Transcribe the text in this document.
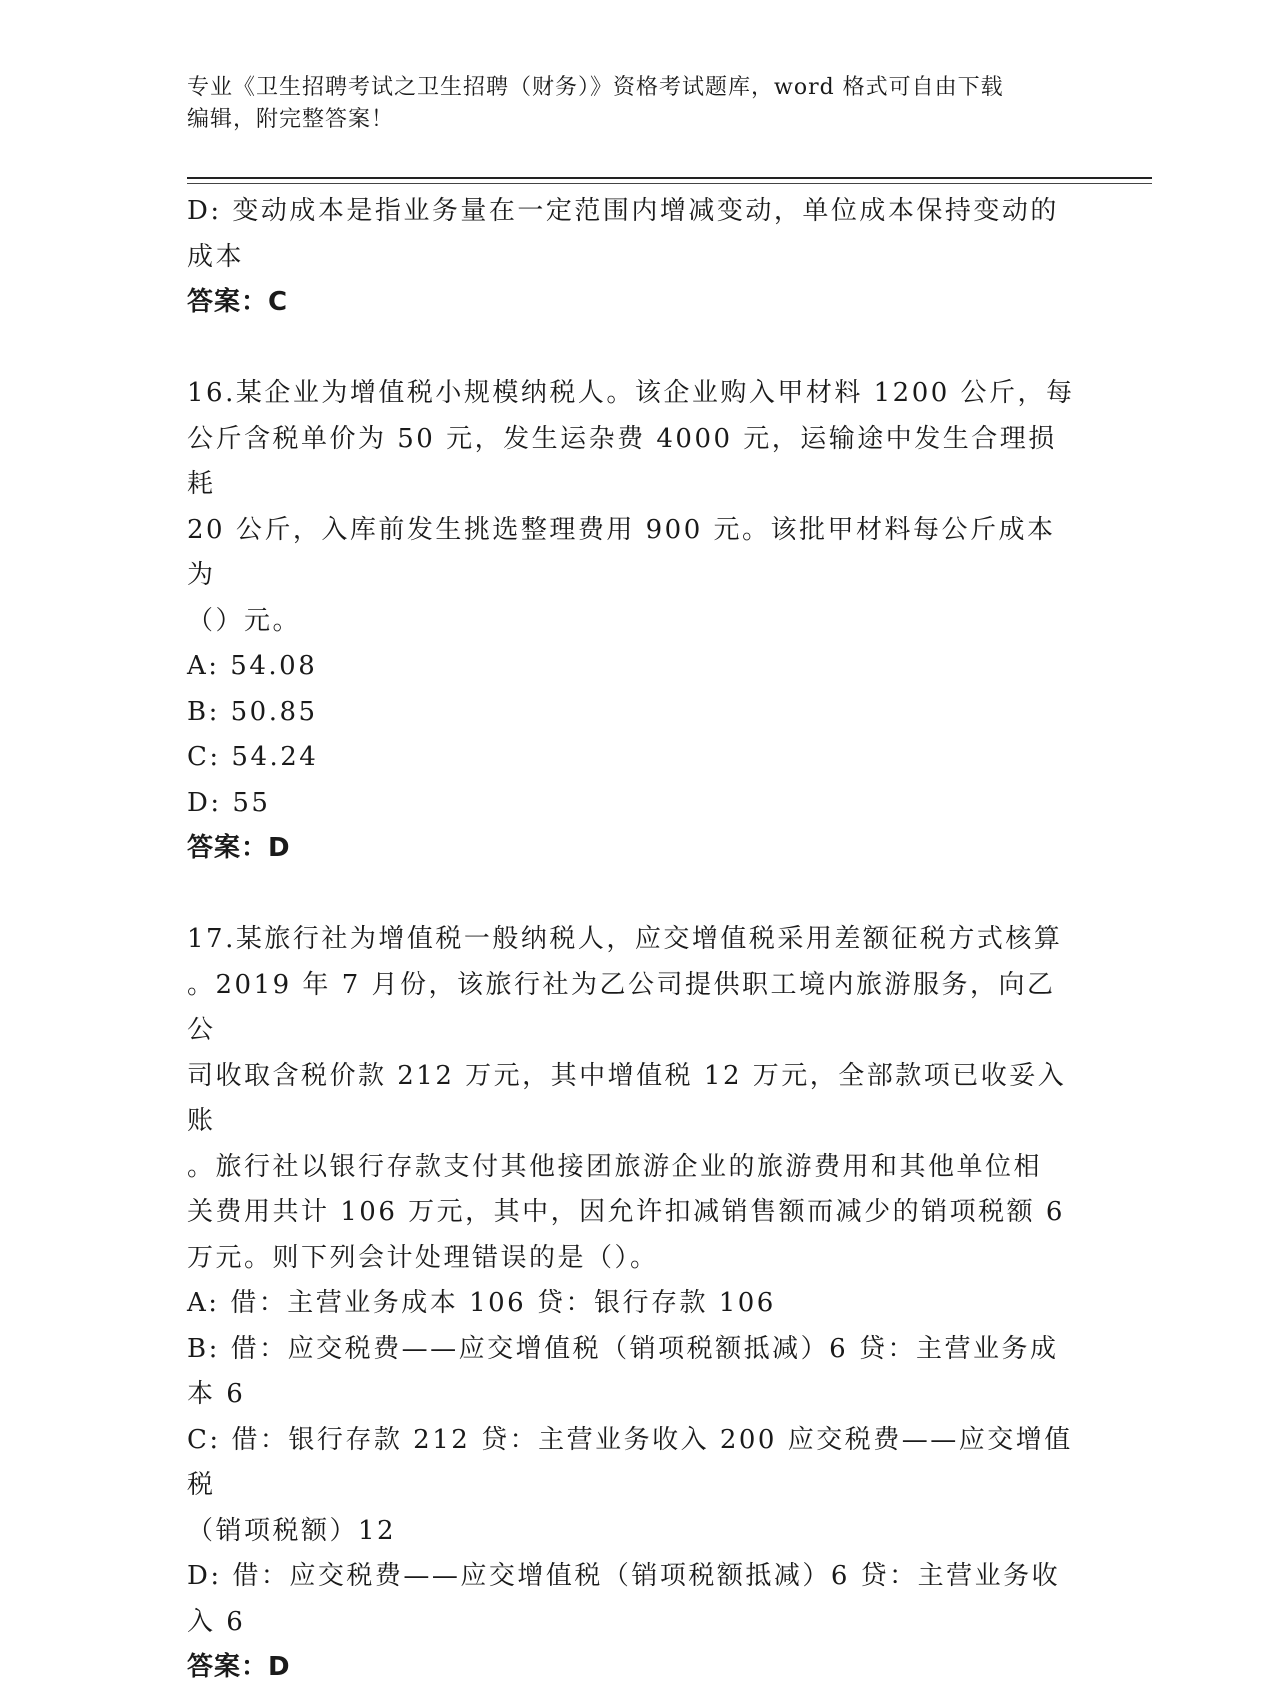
专业《卫生招聘考试之卫生招聘（财务）》资格考试题库，word 格式可自由下载
编辑，附完整答案！
D: 变动成本是指业务量在一定范围内增减变动，单位成本保持变动的
成本
答案：C
16.某企业为增值税小规模纳税人。该企业购入甲材料 1200 公斤，每
公斤含税单价为 50 元，发生运杂费 4000 元，运输途中发生合理损耗
20 公斤，入库前发生挑选整理费用 900 元。该批甲材料每公斤成本为
（）元。
A: 54.08
B: 50.85
C: 54.24
D: 55
答案：D
17.某旅行社为增值税一般纳税人，应交增值税采用差额征税方式核算
。2019 年 7 月份，该旅行社为乙公司提供职工境内旅游服务，向乙公
司收取含税价款 212 万元，其中增值税 12 万元，全部款项已收妥入账
。旅行社以银行存款支付其他接团旅游企业的旅游费用和其他单位相
关费用共计 106 万元，其中，因允许扣减销售额而减少的销项税额 6
万元。则下列会计处理错误的是（）。
A: 借：主营业务成本 106 贷：银行存款 106
B: 借：应交税费——应交增值税（销项税额抵减）6 贷：主营业务成
本 6
C: 借：银行存款 212 贷：主营业务收入 200 应交税费——应交增值税
（销项税额）12
D: 借：应交税费——应交增值税（销项税额抵减）6 贷：主营业务收
入 6
答案：D
